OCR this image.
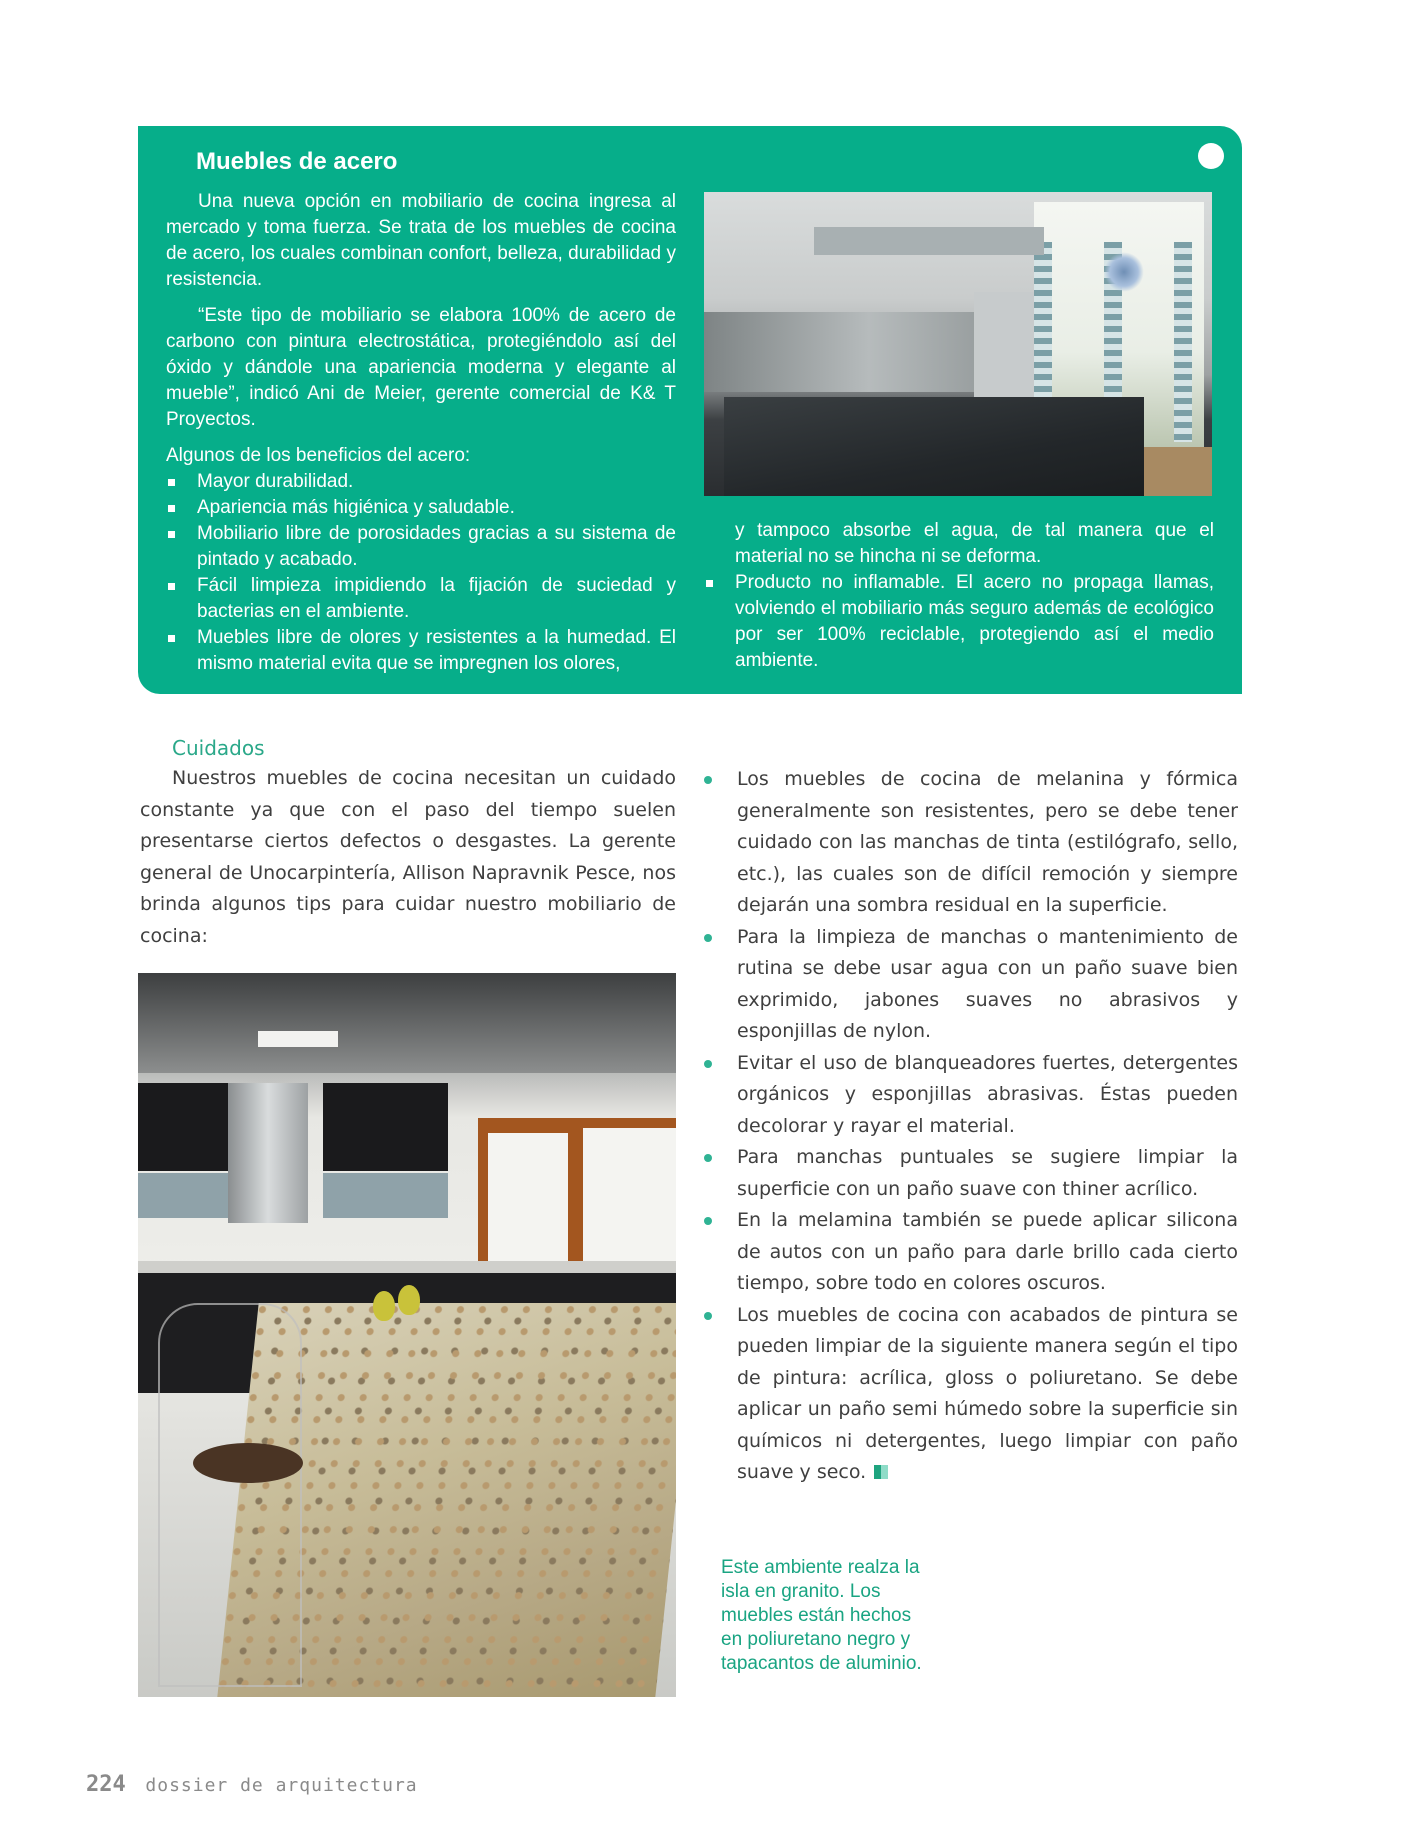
Muebles de acero

Una nueva opción en mobiliario de cocina ingresa al mercado y toma fuerza. Se trata de los muebles de cocina de acero, los cuales combinan confort, belleza, durabilidad y resistencia.

“Este tipo de mobiliario se elabora 100% de acero de carbono con pintura electrostática, protegiéndolo así del óxido y dándole una apariencia moderna y elegante al mueble”, indicó Ani de Meier, gerente comercial de K& T Proyectos.

Algunos de los beneficios del acero:

Mayor durabilidad.
Apariencia más higiénica y saludable.
Mobiliario libre de porosidades gracias a su sistema de pintado y acabado.
Fácil limpieza impidiendo la fijación de suciedad y bacterias en el ambiente.
Muebles libre de olores y resistentes a la humedad. El mismo material evita que se impregnen los olores,

y tampoco absorbe el agua, de tal manera que el material no se hincha ni se deforma.

Producto no inflamable. El acero no propaga llamas, volviendo el mobiliario más seguro además de ecológico por ser 100% reciclable, protegiendo así el medio ambiente.
Cuidados

Nuestros muebles de cocina necesitan un cuidado constante ya que con el paso del tiempo suelen presentarse ciertos defectos o desgastes. La gerente general de Unocarpintería, Allison Napravnik Pesce, nos brinda algunos tips para cuidar nuestro mobiliario de cocina:

Los muebles de cocina de melanina y fórmica generalmente son resistentes, pero se debe tener cuidado con las manchas de tinta (estilógrafo, sello, etc.), las cuales son de difícil remoción y siempre dejarán una sombra residual en la superficie.
Para la limpieza de manchas o mantenimiento de rutina se debe usar agua con un paño suave bien exprimido, jabones suaves no abrasivos y esponjillas de nylon.
Evitar el uso de blanqueadores fuertes, detergentes orgánicos y esponjillas abrasivas. Éstas pueden decolorar y rayar el material.
Para manchas puntuales se sugiere limpiar la superficie con un paño suave con thiner acrílico.
En la melamina también se puede aplicar silicona de autos con un paño para darle brillo cada cierto tiempo, sobre todo en colores oscuros.
Los muebles de cocina con acabados de pintura se pueden limpiar de la siguiente manera según el tipo de pintura: acrílica, gloss o poliuretano. Se debe aplicar un paño semi húmedo sobre la superficie sin químicos ni detergentes, luego limpiar con paño suave y seco.

Este ambiente realza la isla en granito. Los muebles están hechos en poliuretano negro y tapacantos de aluminio.

224 dossier de arquitectura
